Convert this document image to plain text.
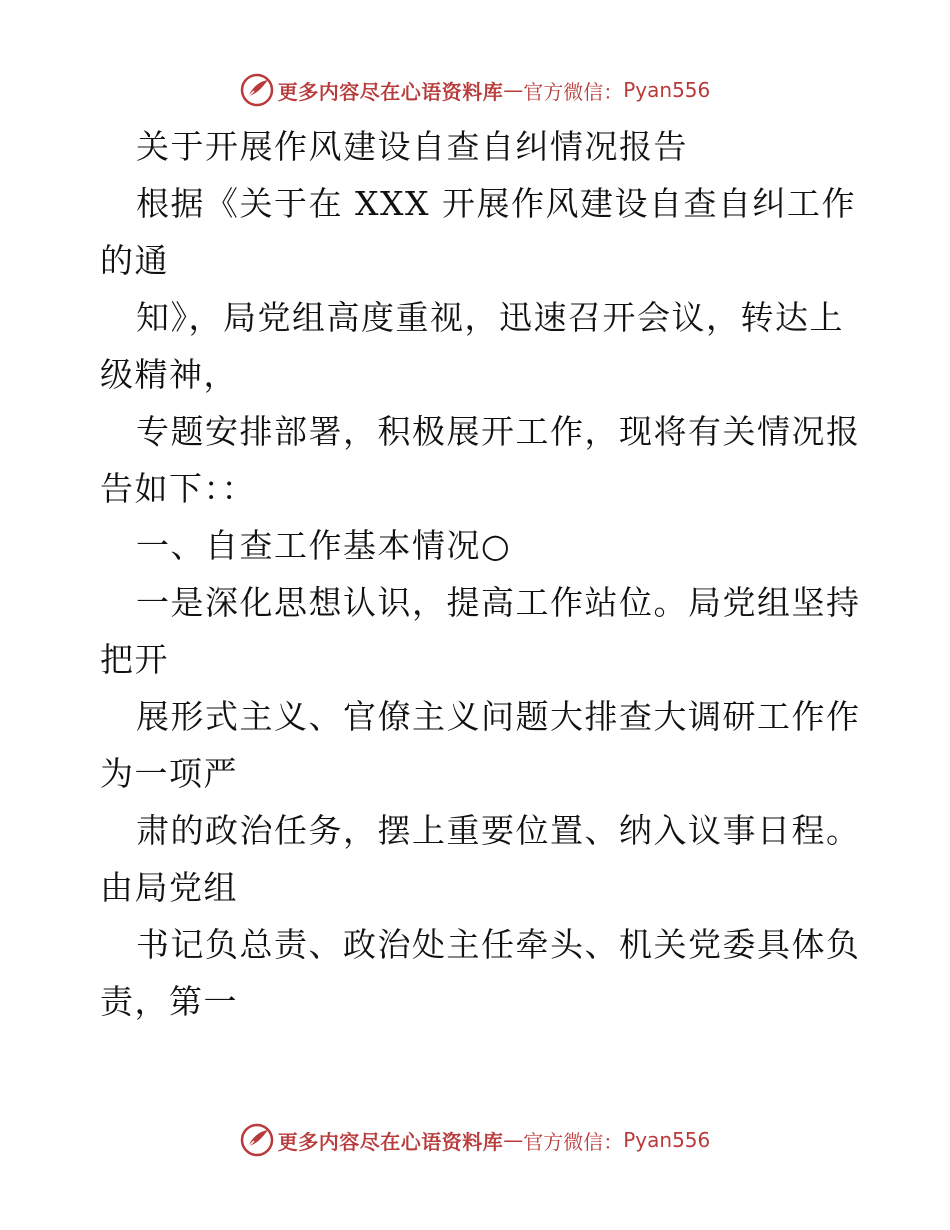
更多内容尽在心语资料库 — 官方微信： Pyan556
关于开展作风建设自查自纠情况报告
根据《关于在 XXX 开展作风建设自查自纠工作
的通
知》，局党组高度重视，迅速召开会议，转达上
级精神，
专题安排部署，积极展开工作，现将有关情况报
告如下：：
一、自查工作基本情况○
一是深化思想认识，提高工作站位。局党组坚持
把开
展形式主义、官僚主义问题大排查大调研工作作
为一项严
肃的政治任务，摆上重要位置、纳入议事日程。
由局党组
书记负总责、政治处主任牵头、机关党委具体负
责，第一
更多内容尽在心语资料库 — 官方微信： Pyan556
